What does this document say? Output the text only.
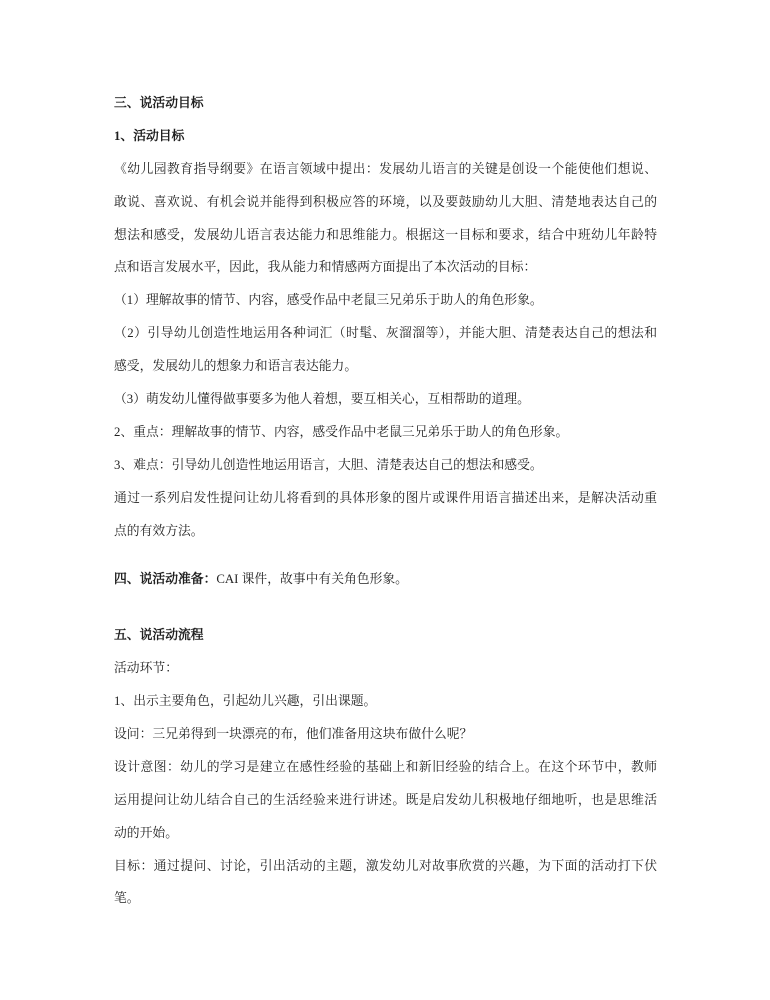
三、说活动目标
1、活动目标
《幼儿园教育指导纲要》在语言领域中提出：发展幼儿语言的关键是创设一个能使他们想说、
敢说、喜欢说、有机会说并能得到积极应答的环境，以及要鼓励幼儿大胆、清楚地表达自己的
想法和感受，发展幼儿语言表达能力和思维能力。根据这一目标和要求，结合中班幼儿年龄特
点和语言发展水平，因此，我从能力和情感两方面提出了本次活动的目标：
（1）理解故事的情节、内容，感受作品中老鼠三兄弟乐于助人的角色形象。
（2）引导幼儿创造性地运用各种词汇（时髦、灰溜溜等），并能大胆、清楚表达自己的想法和
感受，发展幼儿的想象力和语言表达能力。
（3）萌发幼儿懂得做事要多为他人着想，要互相关心，互相帮助的道理。
2、重点：理解故事的情节、内容，感受作品中老鼠三兄弟乐于助人的角色形象。
3、难点：引导幼儿创造性地运用语言，大胆、清楚表达自己的想法和感受。
通过一系列启发性提问让幼儿将看到的具体形象的图片或课件用语言描述出来，是解决活动重
点的有效方法。
四、说活动准备：CAI 课件，故事中有关角色形象。
五、说活动流程
活动环节：
1、出示主要角色，引起幼儿兴趣，引出课题。
设问：三兄弟得到一块漂亮的布，他们准备用这块布做什么呢？
设计意图：幼儿的学习是建立在感性经验的基础上和新旧经验的结合上。在这个环节中，教师
运用提问让幼儿结合自己的生活经验来进行讲述。既是启发幼儿积极地仔细地听，也是思维活
动的开始。
目标：通过提问、讨论，引出活动的主题，激发幼儿对故事欣赏的兴趣，为下面的活动打下伏
笔。
